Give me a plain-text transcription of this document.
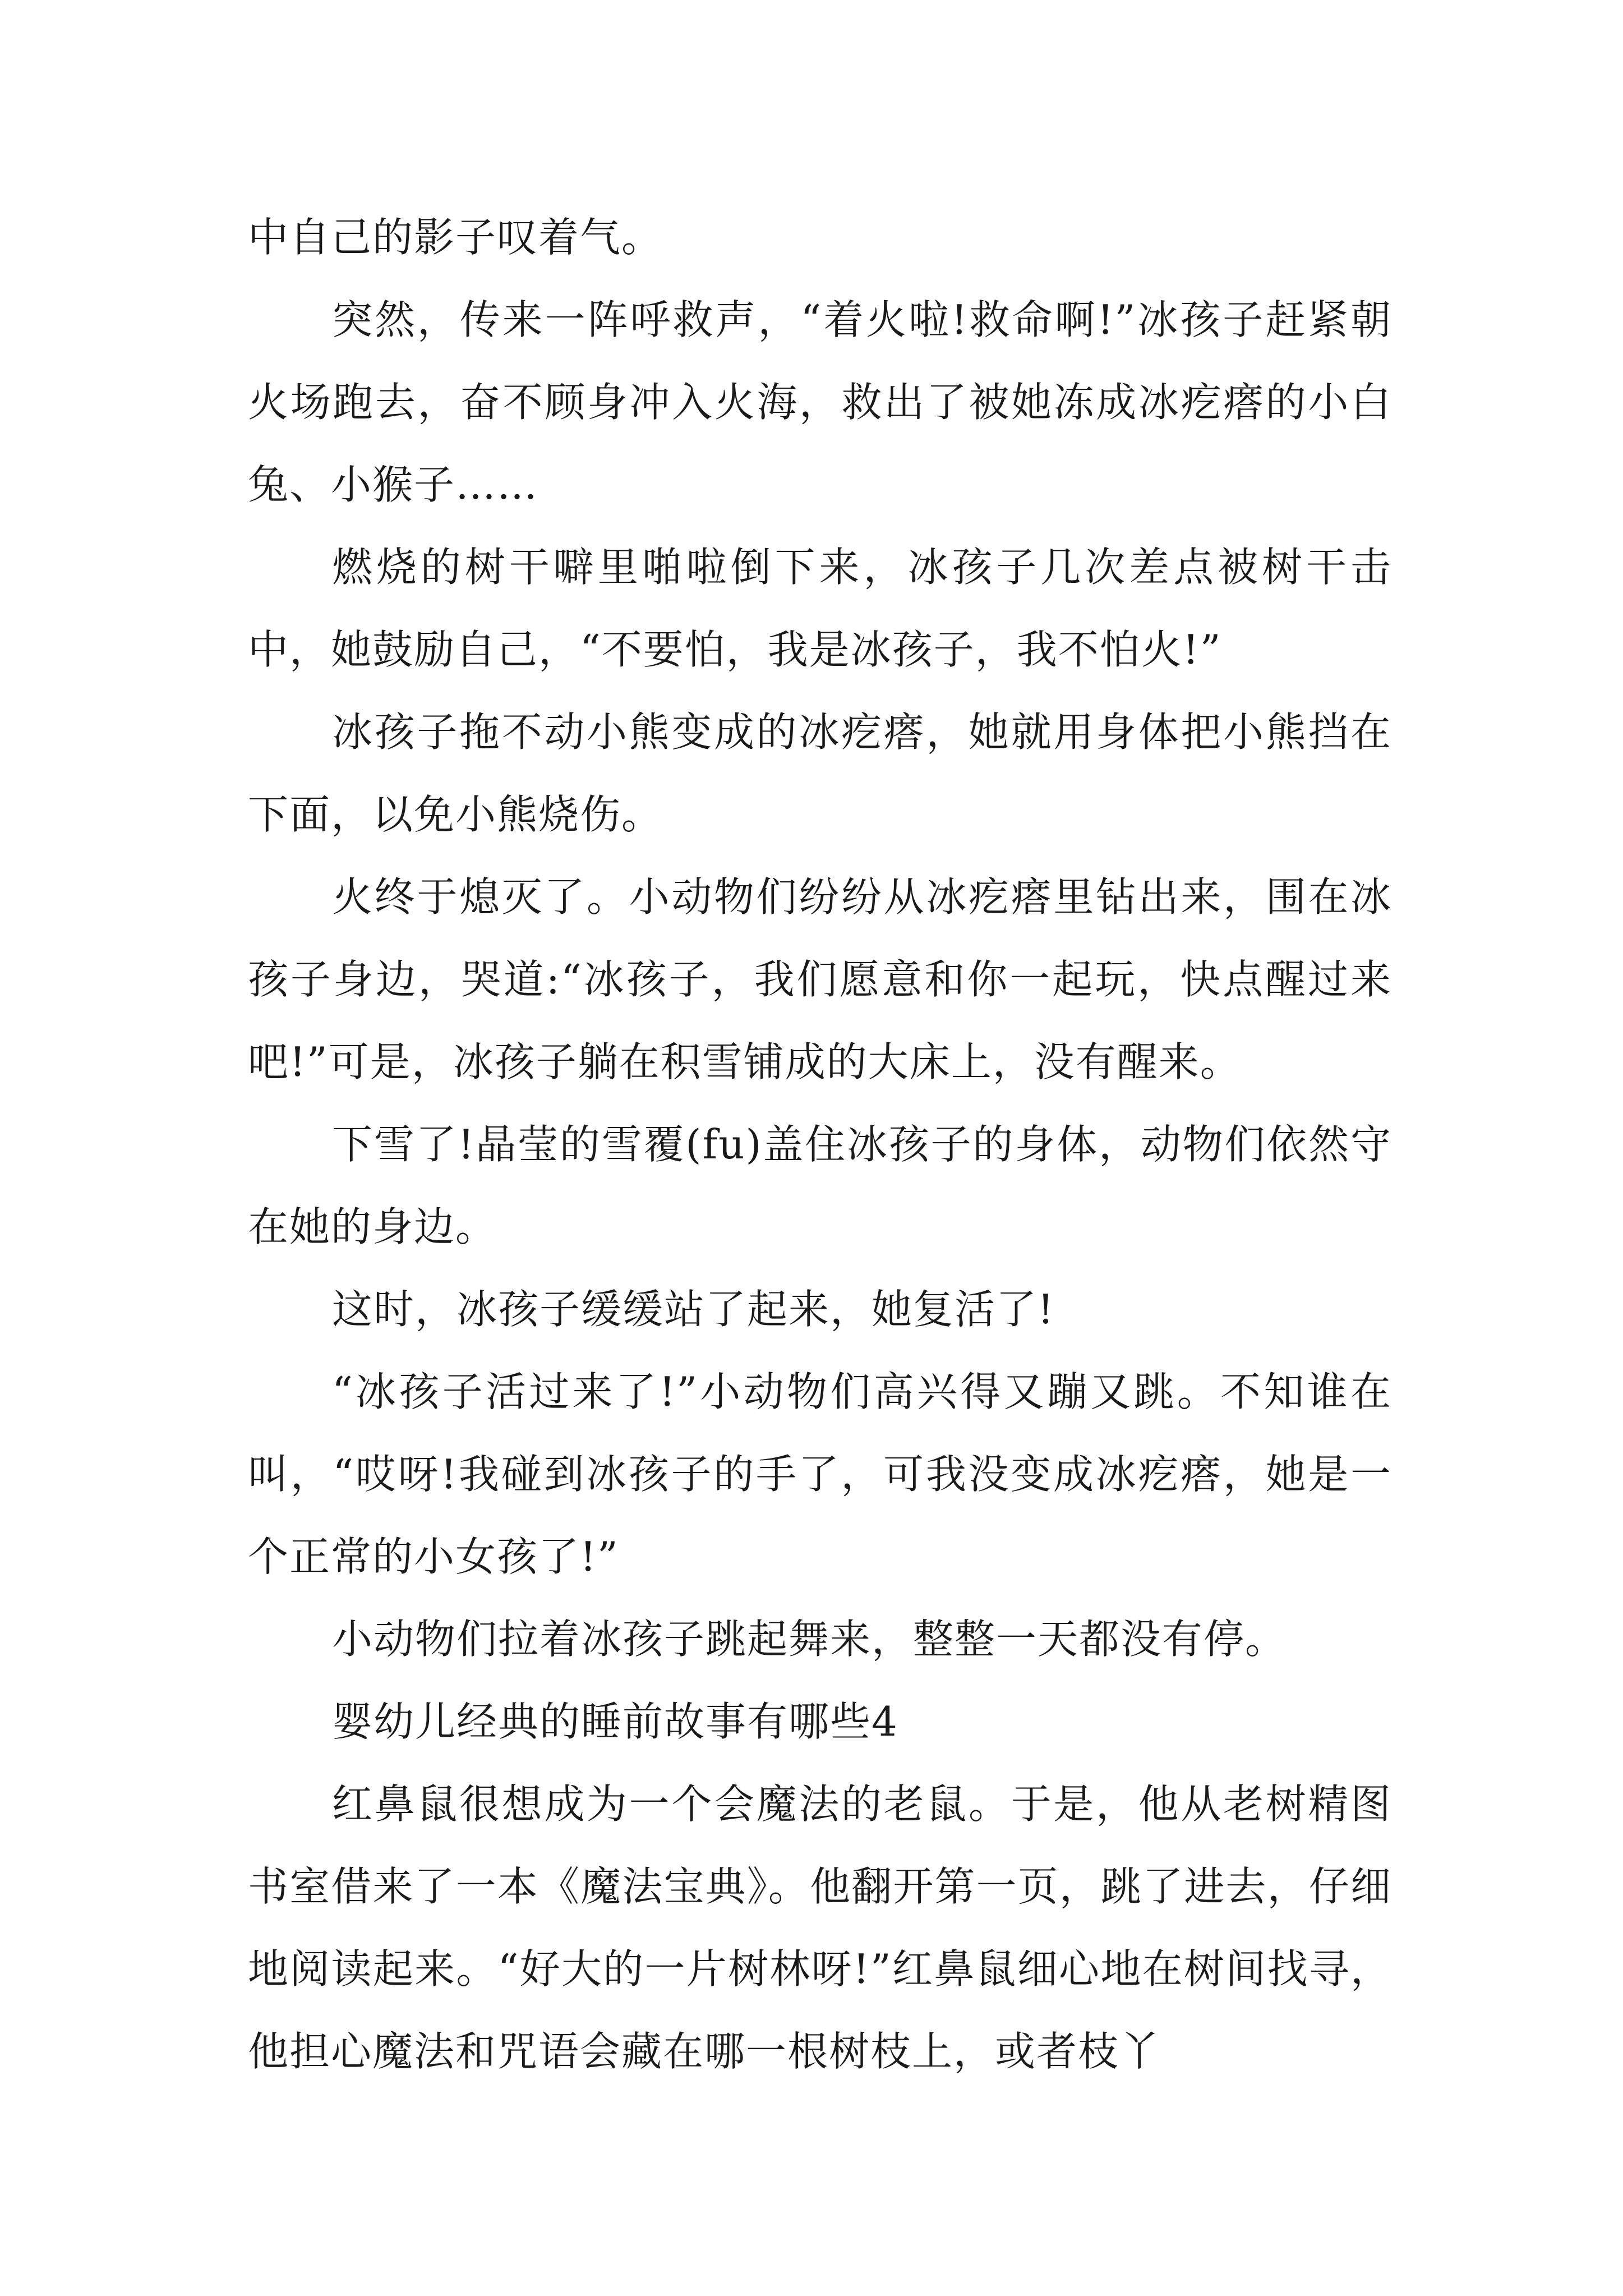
中自己的影子叹着气。

突然，传来一阵呼救声，“着火啦!救命啊!”冰孩子赶紧朝火场跑去，奋不顾身冲入火海，救出了被她冻成冰疙瘩的小白兔、小猴子……

燃烧的树干噼里啪啦倒下来，冰孩子几次差点被树干击中，她鼓励自己，“不要怕，我是冰孩子，我不怕火!”

冰孩子拖不动小熊变成的冰疙瘩，她就用身体把小熊挡在下面，以免小熊烧伤。

火终于熄灭了。小动物们纷纷从冰疙瘩里钻出来，围在冰孩子身边，哭道:“冰孩子，我们愿意和你一起玩，快点醒过来吧!”可是，冰孩子躺在积雪铺成的大床上，没有醒来。

下雪了!晶莹的雪覆(fu)盖住冰孩子的身体，动物们依然守在她的身边。

这时，冰孩子缓缓站了起来，她复活了!

“冰孩子活过来了!”小动物们高兴得又蹦又跳。不知谁在叫，“哎呀!我碰到冰孩子的手了，可我没变成冰疙瘩，她是一个正常的小女孩了!”

小动物们拉着冰孩子跳起舞来，整整一天都没有停。

婴幼儿经典的睡前故事有哪些4

红鼻鼠很想成为一个会魔法的老鼠。于是，他从老树精图书室借来了一本《魔法宝典》。他翻开第一页，跳了进去，仔细地阅读起来。“好大的一片树林呀!”红鼻鼠细心地在树间找寻，他担心魔法和咒语会藏在哪一根树枝上，或者枝丫
